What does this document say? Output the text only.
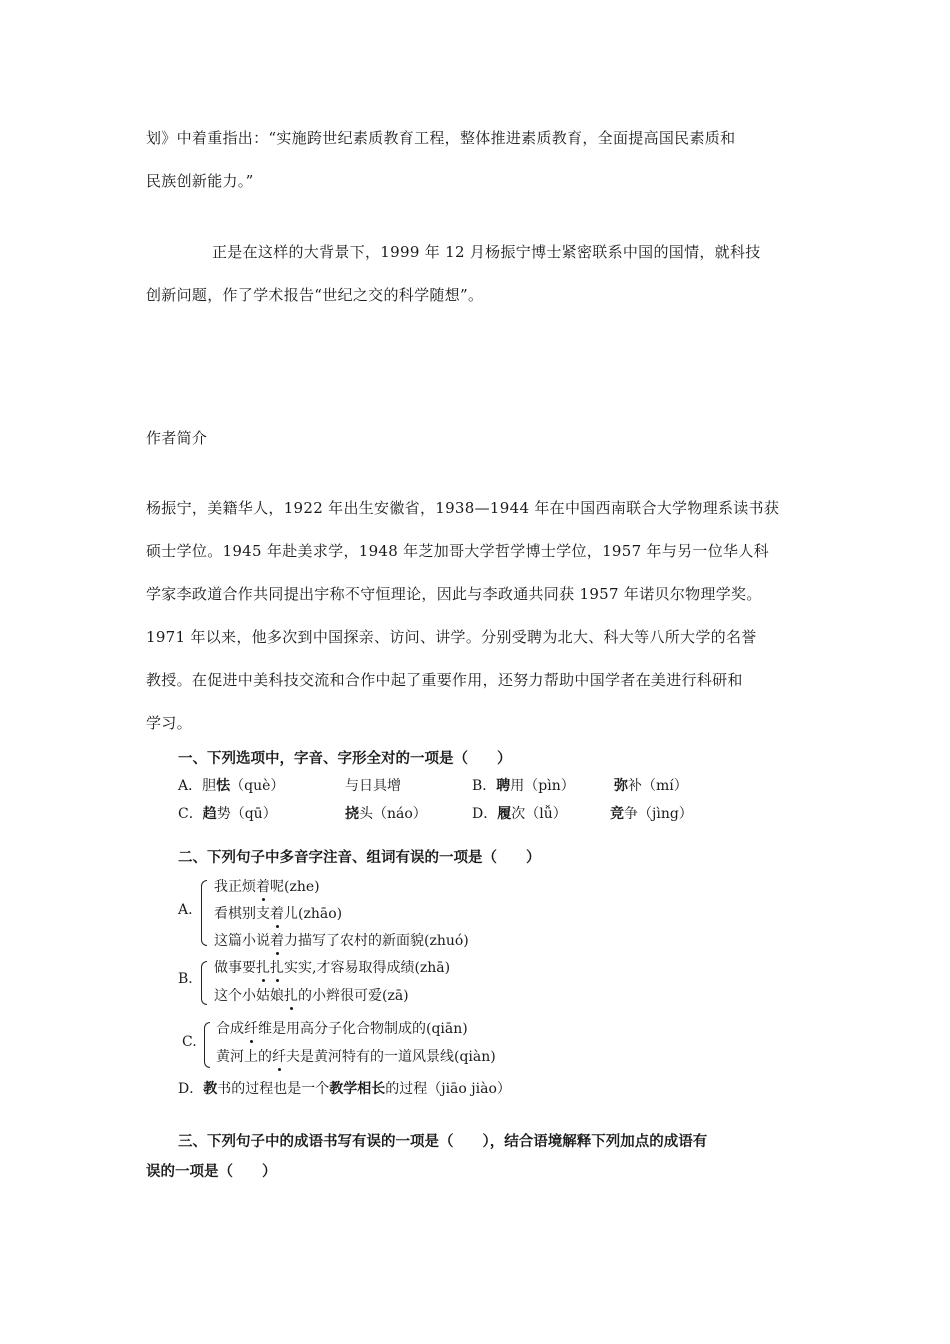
划》中着重指出：“实施跨世纪素质教育工程，整体推进素质教育，全面提高国民素质和
民族创新能力。”
正是在这样的大背景下，1999 年 12 月杨振宁博士紧密联系中国的国情，就科技
创新问题，作了学术报告“世纪之交的科学随想”。
作者简介
杨振宁，美籍华人，1922 年出生安徽省，1938—1944 年在中国西南联合大学物理系读书获
硕士学位。1945 年赴美求学，1948 年芝加哥大学哲学博士学位，1957 年与另一位华人科
学家李政道合作共同提出宇称不守恒理论，因此与李政通共同获 1957 年诺贝尔物理学奖。
1971 年以来，他多次到中国探亲、访问、讲学。分别受聘为北大、科大等八所大学的名誉
教授。在促进中美科技交流和合作中起了重要作用，还努力帮助中国学者在美进行科研和
学习。
一、下列选项中，字音、字形全对的一项是（　　）
A．胆怯（què）	与日具增	B．聘用（pìn）	弥补（mí）
C．趋势（qū）	挠头（náo）	D．履次（lǚ）	竞争（jìng）
二、下列句子中多音字注音、组词有误的一项是（　　）
A.
我正烦着呢(zhe)
看棋别支着儿(zhāo)
这篇小说着力描写了农村的新面貌(zhuó)
B.
做事要扎扎实实,才容易取得成绩(zhā)
这个小姑娘扎的小辫很可爱(zā)
C.
合成纤维是用高分子化合物制成的(qiān)
黄河上的纤夫是黄河特有的一道风景线(qiàn)
D．教书的过程也是一个教学相长的过程（jiāo jiào）
三、下列句子中的成语书写有误的一项是（　　），结合语境解释下列加点的成语有
误的一项是（　　）
